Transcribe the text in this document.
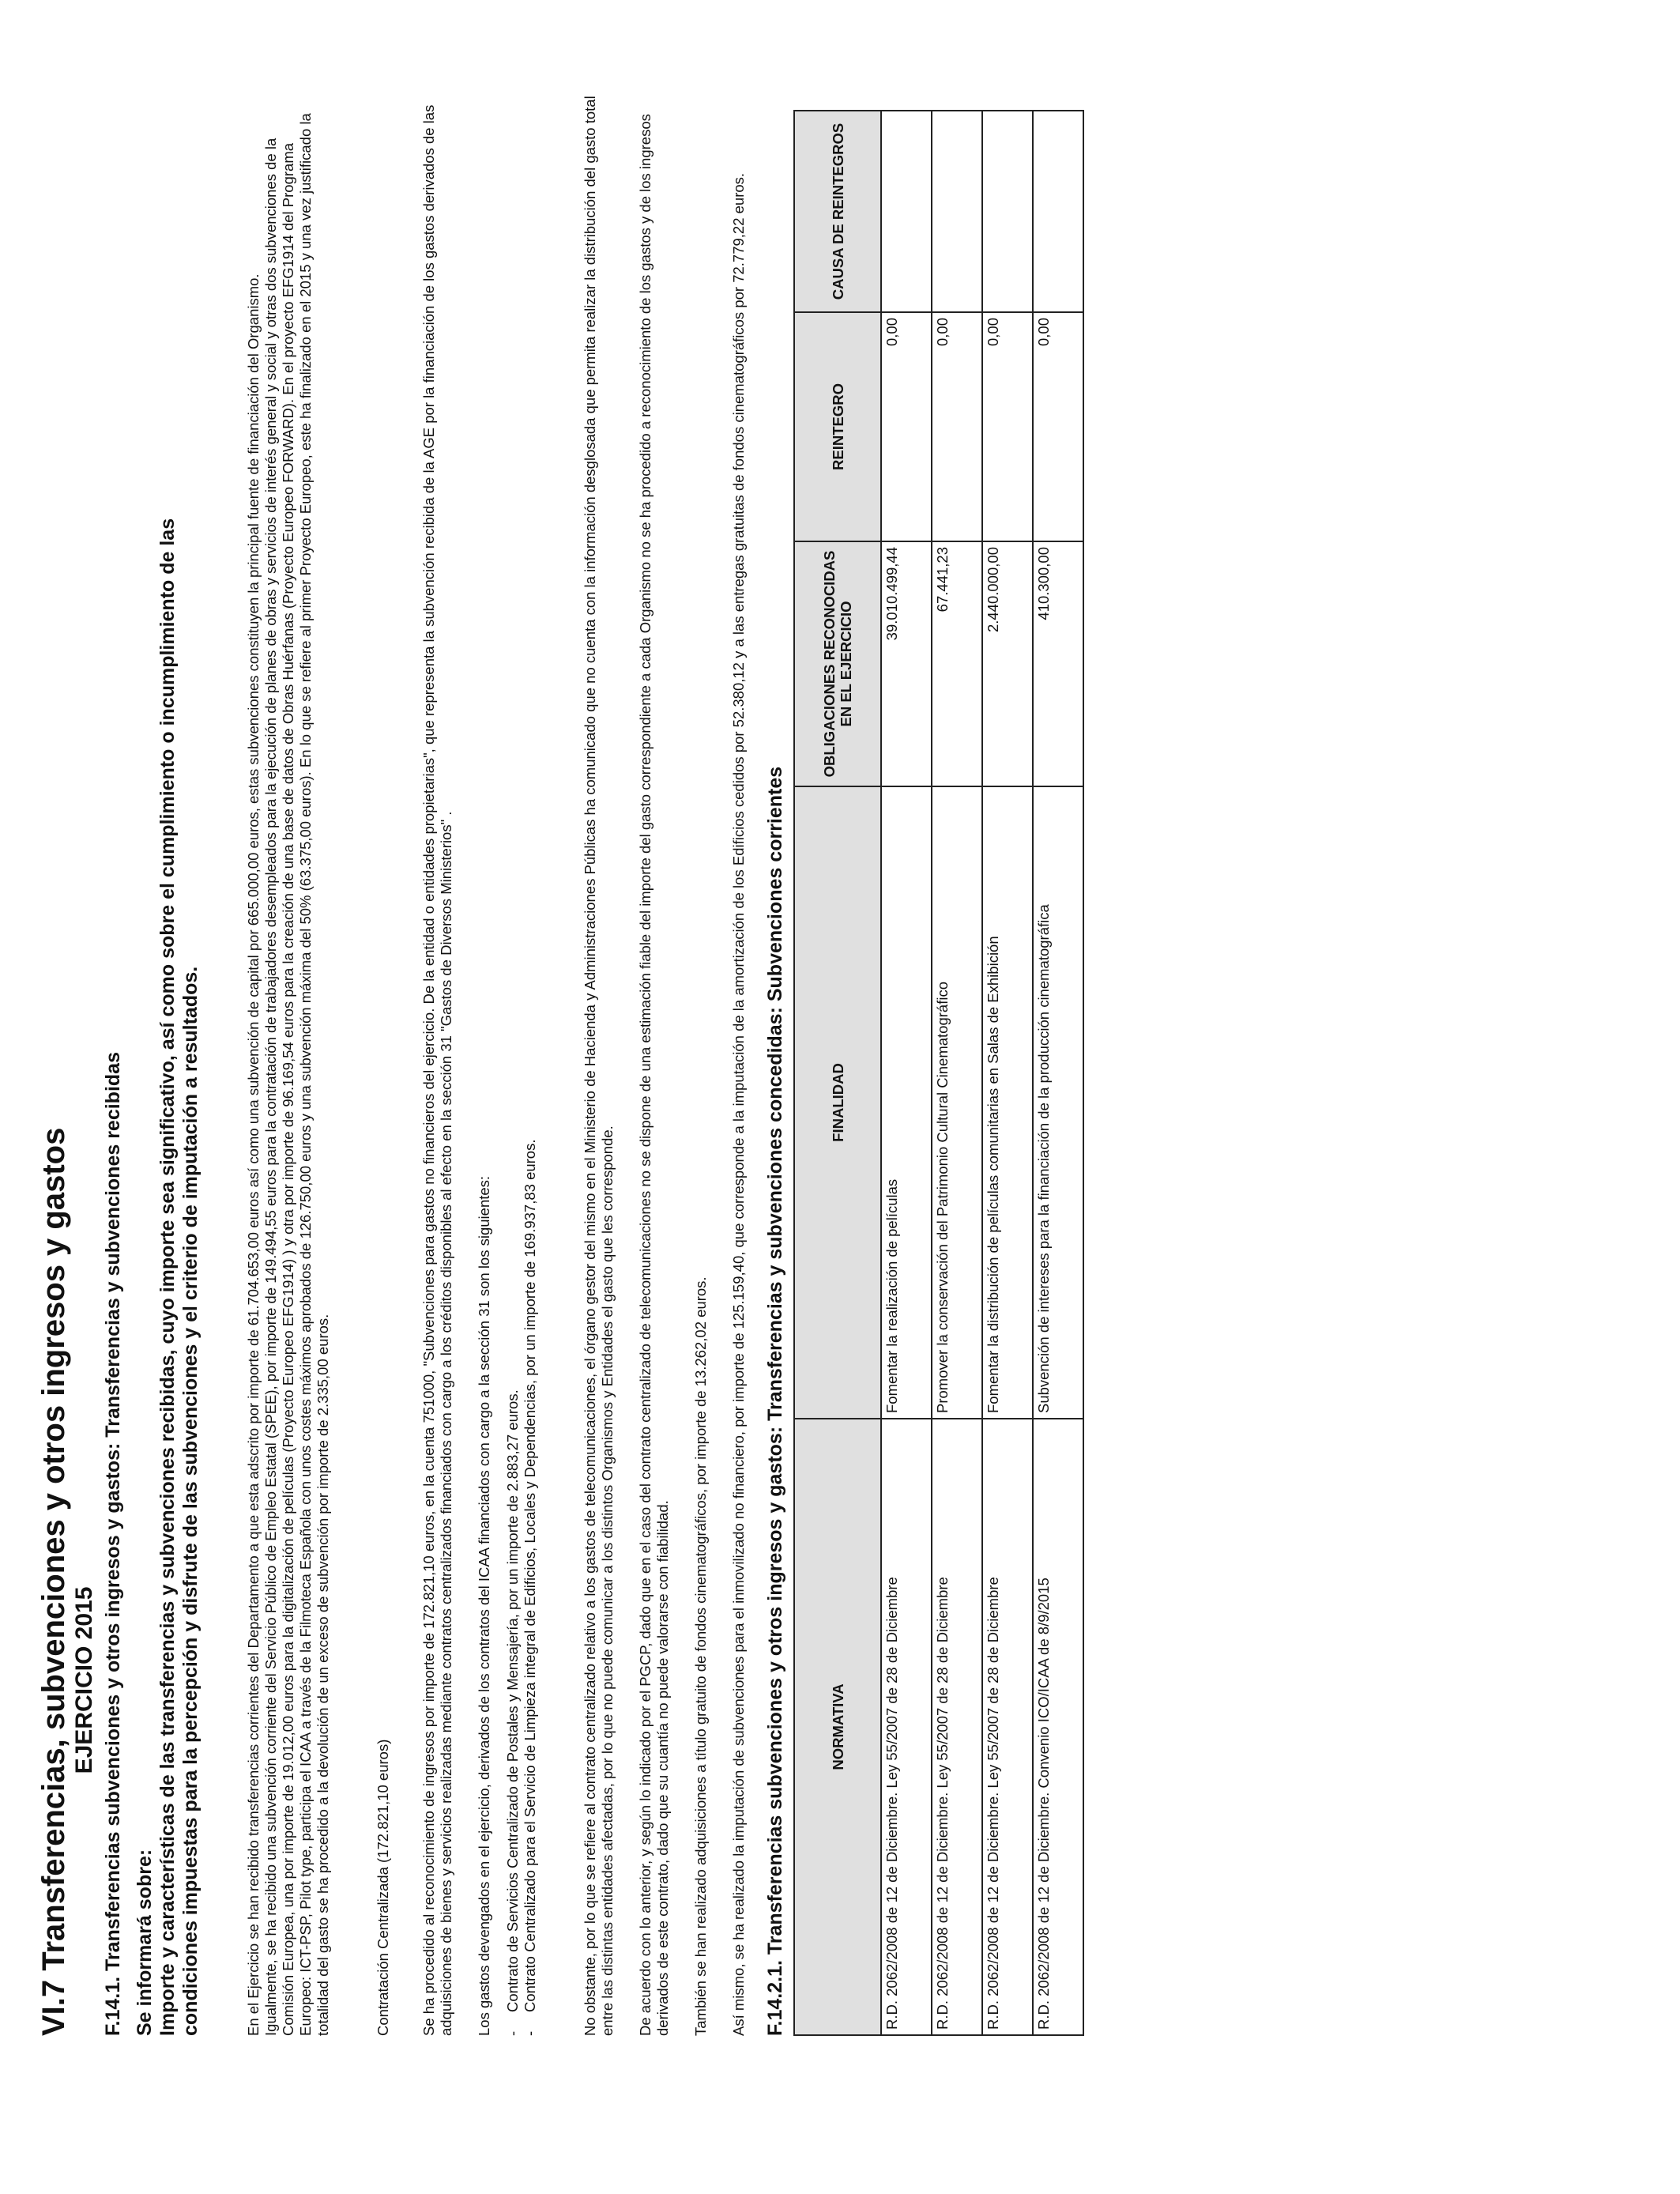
VI.7 Transferencias, subvenciones y otros ingresos y gastos EJERCICIO 2015 F.14.1. Transferencias subvenciones y otros ingresos y gastos: Transferencias y subvenciones recibidas Se informará sobre: Importe y características de las transferencias y subvenciones recibidas, cuyo importe sea significativo, así como sobre el cumplimiento o incumplimiento de las condiciones impuestas para la percepción y disfrute de las subvenciones y el criterio de imputación a resultados.	En el Ejercicio se han recibido transferencias corrientes del Departamento a que esta adscrito por importe de 61.704.653,00 euros así como una subvención de capital por 665.000,00 euros, estas subvenciones constituyen la principal fuente de financiación del Organismo. Igualmente, se ha recibido una subvención corriente del Servicio Público de Empleo Estatal (SPEE), por importe de 149.494,55 euros para la contratación de trabajadores desempleados para la ejecución de planes de obras y servicios de interés general y social y otras dos subvenciones de la Comisión Europea, una por importe de 19.012,00 euros para la digitalización de películas (Proyecto Europeo EFG1914) ) y otra por importe de 96.169,54 euros para la creación de una base de datos de Obras Huérfanas (Proyecto Europeo FORWARD). En el proyecto EFG1914 del Programa Europeo: ICT-PSP, Pilot type, participa el ICAA a través de la Filmoteca Española con unos costes máximos aprobados de 126.750,00 euros y una subvención máxima del 50% (63.375,00 euros). En lo que se refiere al primer Proyecto Europeo, este ha finalizado en el 2015 y una vez justificado la totalidad del gasto se ha procedido a la devolución de un exceso de subvención por importe de 2.335,00 euros.	Contratación Centralizada (172.821,10 euros) Se ha procedido al reconocimiento de ingresos por importe de 172.821,10 euros, en la cuenta 751000, "Subvenciones para gastos no financieros del ejercicio. De la entidad o entidades propietarias", que representa la subvención recibida de la AGE por la financiación de los gastos derivados de las adquisiciones de bienes y servicios realizadas mediante contratos centralizados financiados con cargo a los créditos disponibles al efecto en la sección 31 "Gastos de Diversos Ministerios" . Los gastos devengados en el ejercicio, derivados de los contratos del ICAA financiados con cargo a la sección 31 son los siguientes: -Contrato de Servicios Centralizado de Postales y Mensajería, por un importe de 2.883,27 euros.
-Contrato Centralizado para el Servicio de Limpieza integral de Edificios, Locales y Dependencias, por un importe de 169.937,83 euros.	No obstante, por lo que se refiere al contrato centralizado relativo a los gastos de telecomunicaciones, el órgano gestor del mismo en el Ministerio de Hacienda y Administraciones Públicas ha comunicado que no cuenta con la información desglosada que permita realizar la distribución del gasto total entre las distintas entidades afectadas, por lo que no puede comunicar a los distintos Organismos y Entidades el gasto que les corresponde. De acuerdo con lo anterior, y según lo indicado por el PGCP, dado que en el caso del contrato centralizado de telecomunicaciones no se dispone de una estimación fiable del importe del gasto correspondiente a cada Organismo no se ha procedido a reconocimiento de los gastos y de los ingresos derivados de este contrato, dado que su cuantía no puede valorarse con fiabilidad. También se han realizado adquisiciones a título gratuito de fondos cinematográficos, por importe de 13.262,02 euros. Así mismo, se ha realizado la imputación de subvenciones para el inmovilizado no financiero, por importe de 125.159,40, que corresponde a la imputación de la amortización de los Edificios cedidos por 52.380,12 y a las entregas gratuitas de fondos cinematográficos por 72.779,22 euros. F.14.2.1. Transferencias subvenciones y otros ingresos y gastos: Transferencias y subvenciones concedidas: Subvenciones corrientes	NORMATIVA	FINALIDAD	OBLIGACIONES RECONOCIDAS EN EL EJERCICIO	REINTEGRO	CAUSA DE REINTEGROS
R.D. 2062/2008 de 12 de Diciembre. Ley 55/2007 de 28 de Diciembre	Fomentar la realización de películas	39.010.499,44	0,00	
R.D. 2062/2008 de 12 de Diciembre. Ley 55/2007 de 28 de Diciembre	Promover la conservación del Patrimonio Cultural Cinematográfico	67.441,23	0,00	
R.D. 2062/2008 de 12 de Diciembre. Ley 55/2007 de 28 de Diciembre	Fomentar la distribución de películas comunitarias en Salas de Exhibición	2.440.000,00	0,00	
R.D. 2062/2008 de 12 de Diciembre. Convenio ICO/ICAA de 8/9/2015	Subvención de intereses para la financiación de la producción cinematográfica	410.300,00	0,00	
